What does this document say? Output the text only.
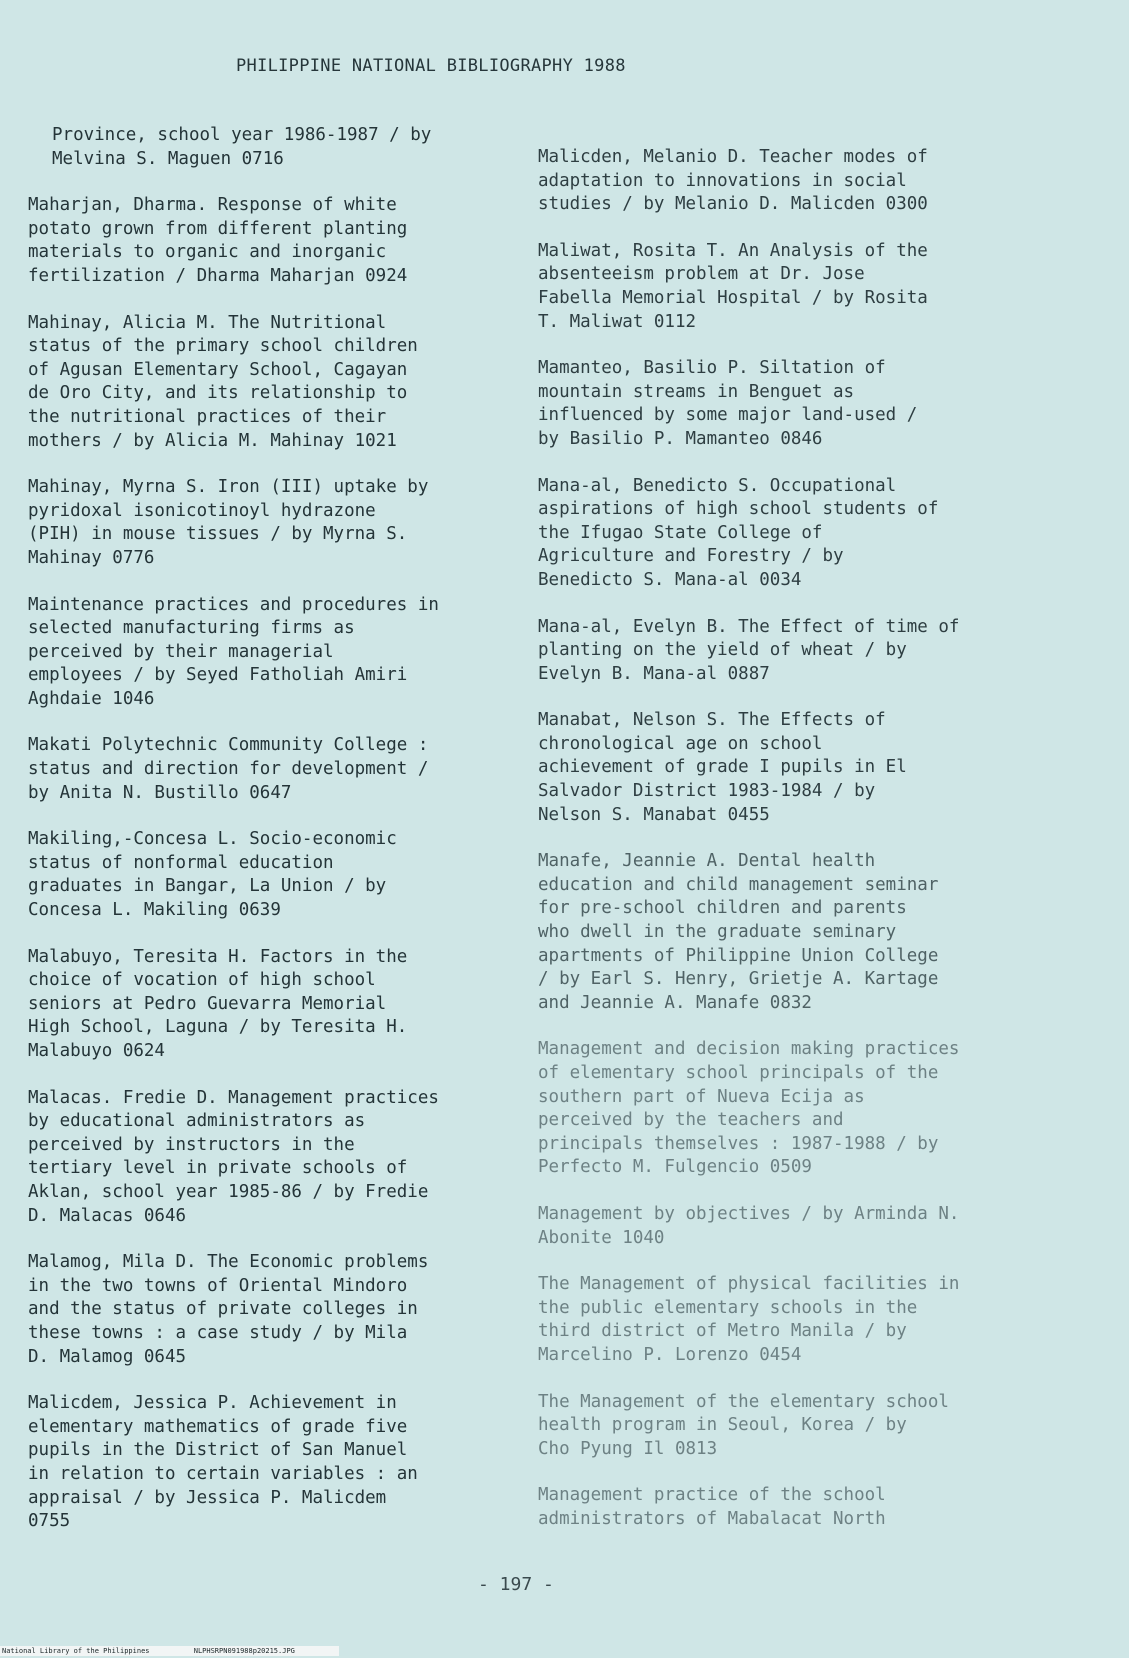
PHILIPPINE NATIONAL BIBLIOGRAPHY 1988
Province, school year 1986-1987 / by
Melvina S. Maguen 0716
Maharjan, Dharma. Response of white
potato grown from different planting
materials to organic and inorganic
fertilization / Dharma Maharjan 0924
Mahinay, Alicia M. The Nutritional
status of the primary school children
of Agusan Elementary School, Cagayan
de Oro City, and its relationship to
the nutritional practices of their
mothers / by Alicia M. Mahinay 1021
Mahinay, Myrna S. Iron (III) uptake by
pyridoxal isonicotinoyl hydrazone
(PIH) in mouse tissues / by Myrna S.
Mahinay 0776
Maintenance practices and procedures in
selected manufacturing firms as
perceived by their managerial
employees / by Seyed Fatholiah Amiri
Aghdaie 1046
Makati Polytechnic Community College :
status and direction for development /
by Anita N. Bustillo 0647
Makiling,-Concesa L. Socio-economic
status of nonformal education
graduates in Bangar, La Union / by
Concesa L. Makiling 0639
Malabuyo, Teresita H. Factors in the
choice of vocation of high school
seniors at Pedro Guevarra Memorial
High School, Laguna / by Teresita H.
Malabuyo 0624
Malacas. Fredie D. Management practices
by educational administrators as
perceived by instructors in the
tertiary level in private schools of
Aklan, school year 1985-86 / by Fredie
D. Malacas 0646
Malamog, Mila D. The Economic problems
in the two towns of Oriental Mindoro
and the status of private colleges in
these towns : a case study / by Mila
D. Malamog 0645
Malicdem, Jessica P. Achievement in
elementary mathematics of grade five
pupils in the District of San Manuel
in relation to certain variables : an
appraisal / by Jessica P. Malicdem
0755
Malicden, Melanio D. Teacher modes of
adaptation to innovations in social
studies / by Melanio D. Malicden 0300
Maliwat, Rosita T. An Analysis of the
absenteeism problem at Dr. Jose
Fabella Memorial Hospital / by Rosita
T. Maliwat 0112
Mamanteo, Basilio P. Siltation of
mountain streams in Benguet as
influenced by some major land-used /
by Basilio P. Mamanteo 0846
Mana-al, Benedicto S. Occupational
aspirations of high school students of
the Ifugao State College of
Agriculture and Forestry / by
Benedicto S. Mana-al 0034
Mana-al, Evelyn B. The Effect of time of
planting on the yield of wheat / by
Evelyn B. Mana-al 0887
Manabat, Nelson S. The Effects of
chronological age on school
achievement of grade I pupils in El
Salvador District 1983-1984 / by
Nelson S. Manabat 0455
Manafe, Jeannie A. Dental health
education and child management seminar
for pre-school children and parents
who dwell in the graduate seminary
apartments of Philippine Union College
/ by Earl S. Henry, Grietje A. Kartage
and Jeannie A. Manafe 0832
Management and decision making practices
of elementary school principals of the
southern part of Nueva Ecija as
perceived by the teachers and
principals themselves : 1987-1988 / by
Perfecto M. Fulgencio 0509
Management by objectives / by Arminda N.
Abonite 1040
The Management of physical facilities in
the public elementary schools in the
third district of Metro Manila / by
Marcelino P. Lorenzo 0454
The Management of the elementary school
health program in Seoul, Korea / by
Cho Pyung Il 0813
Management practice of the school
administrators of Mabalacat North
- 197 -
National Library of the Philippines	NLPHSRPN091988p20215.JPG
